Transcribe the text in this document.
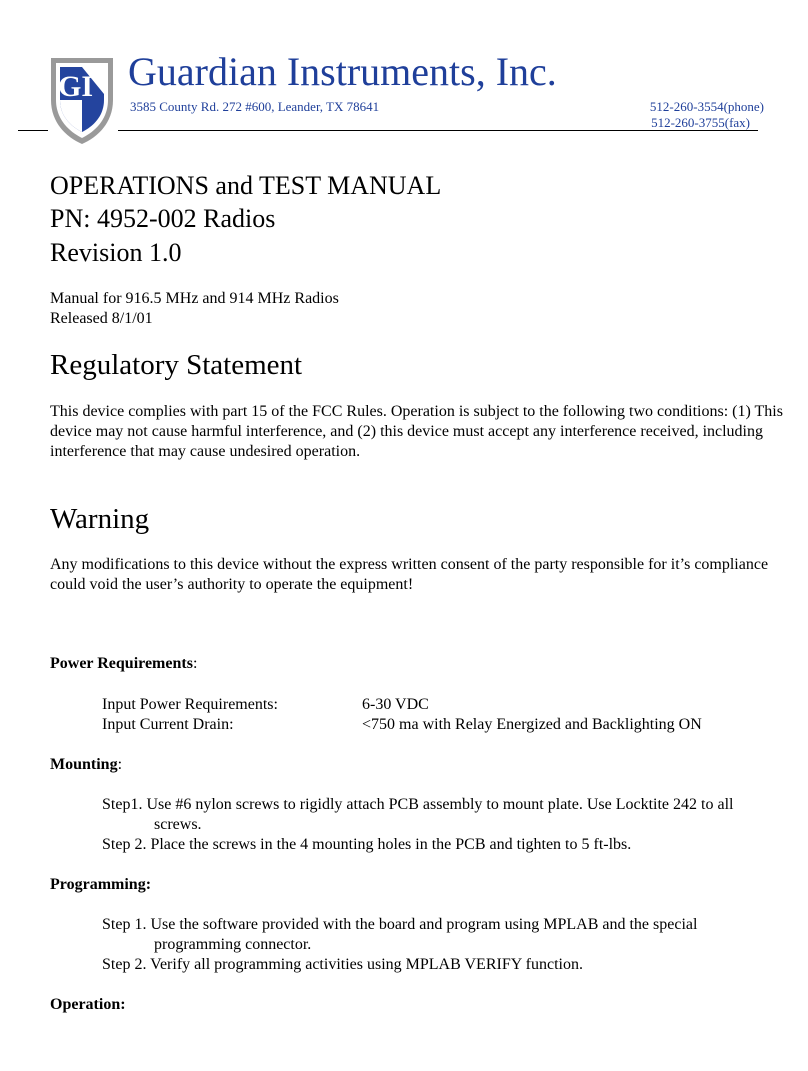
GI Guardian Instruments, Inc.
3585 County Rd. 272 #600, Leander, TX 78641	512-260-3554(phone)
512-260-3755(fax)
OPERATIONS and TEST MANUAL
PN: 4952-002 Radios
Revision 1.0
Manual for 916.5 MHz and 914 MHz Radios
Released 8/1/01
Regulatory Statement
This device complies with part 15 of the FCC Rules. Operation is subject to the following two conditions: (1) This device may not cause harmful interference, and (2) this device must accept any interference received, including interference that may cause undesired operation.
Warning
Any modifications to this device without the express written consent of the party responsible for it’s compliance could void the user’s authority to operate the equipment!
Power Requirements:
Input Power Requirements:	6-30 VDC
Input Current Drain:	<750 ma with Relay Energized and Backlighting ON
Mounting:
Step1. Use #6 nylon screws to rigidly attach PCB assembly to mount plate. Use Locktite 242 to all
screws.
Step 2. Place the screws in the 4 mounting holes in the PCB and tighten to 5 ft-lbs.
Programming:
Step 1. Use the software provided with the board and program using MPLAB and the special
programming connector.
Step 2. Verify all programming activities using MPLAB VERIFY function.
Operation:
